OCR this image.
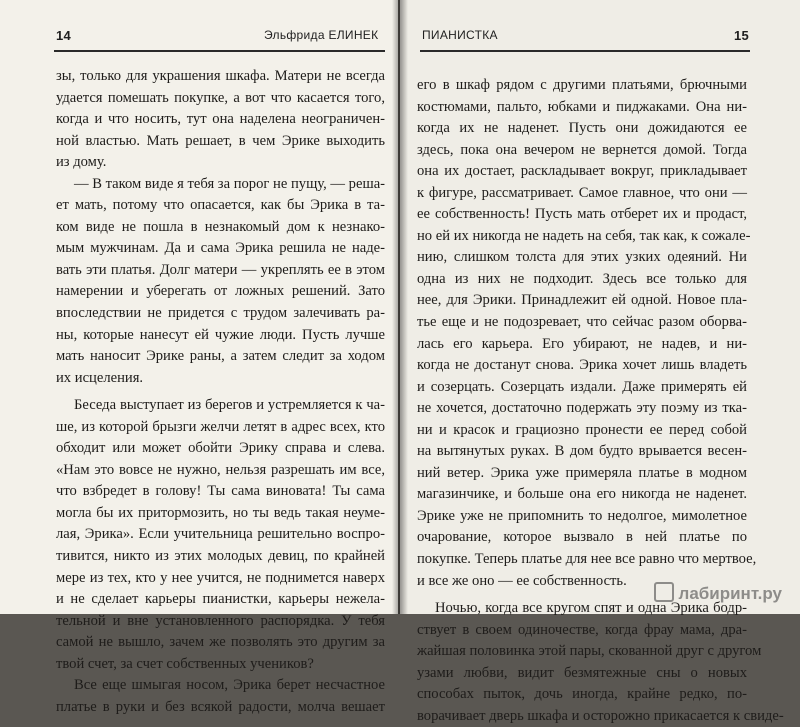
14	Эльфрида ЕЛИНЕК
зы, только для украшения шкафа. Матери не всегда
удается помешать покупке, а вот что касается того,
когда и что носить, тут она наделена неограничен-
ной властью. Мать решает, в чем Эрике выходить
из дому.
— В таком виде я тебя за порог не пущу, — реша-
ет мать, потому что опасается, как бы Эрика в та-
ком виде не пошла в незнакомый дом к незнако-
мым мужчинам. Да и сама Эрика решила не наде-
вать эти платья. Долг матери — укреплять ее в этом
намерении и уберегать от ложных решений. Зато
впоследствии не придется с трудом залечивать ра-
ны, которые нанесут ей чужие люди. Пусть лучше
мать наносит Эрике раны, а затем следит за ходом
их исцеления.
Беседа выступает из берегов и устремляется к ча-
ше, из которой брызги желчи летят в адрес всех, кто
обходит или может обойти Эрику справа и слева.
«Нам это вовсе не нужно, нельзя разрешать им все,
что взбредет в голову! Ты сама виновата! Ты сама
могла бы их притормозить, но ты ведь такая неуме-
лая, Эрика». Если учительница решительно воспро-
тивится, никто из этих молодых девиц, по крайней
мере из тех, кто у нее учится, не поднимется наверх
и не сделает карьеры пианистки, карьеры нежела-
тельной и вне установленного распорядка. У тебя
самой не вышло, зачем же позволять это другим за
твой счет, за счет собственных учеников?
Все еще шмыгая носом, Эрика берет несчастное
платье в руки и без всякой радости, молча вешает
ПИАНИСТКА	15
его в шкаф рядом с другими платьями, брючными
костюмами, пальто, юбками и пиджаками. Она ни-
когда их не наденет. Пусть они дожидаются ее
здесь, пока она вечером не вернется домой. Тогда
она их достает, раскладывает вокруг, прикладывает
к фигуре, рассматривает. Самое главное, что они —
ее собственность! Пусть мать отберет их и продаст,
но ей их никогда не надеть на себя, так как, к сожале-
нию, слишком толста для этих узких одеяний. Ни
одна из них не подходит. Здесь все только для
нее, для Эрики. Принадлежит ей одной. Новое пла-
тье еще и не подозревает, что сейчас разом оборва-
лась его карьера. Его убирают, не надев, и ни-
когда не достанут снова. Эрика хочет лишь владеть
и созерцать. Созерцать издали. Даже примерять ей
не хочется, достаточно подержать эту поэму из тка-
ни и красок и грациозно пронести ее перед собой
на вытянутых руках. В дом будто врывается весен-
ний ветер. Эрика уже примеряла платье в модном
магазинчике, и больше она его никогда не наденет.
Эрике уже не припомнить то недолгое, мимолетное
очарование, которое вызвало в ней платье по
покупке. Теперь платье для нее все равно что мертвое,
и все же оно — ее собственность.
Ночью, когда все кругом спят и одна Эрика бодр-
ствует в своем одиночестве, когда фрау мама, дра-
жайшая половинка этой пары, скованной друг с другом
узами любви, видит безмятежные сны о новых
способах пыток, дочь иногда, крайне редко, по-
ворачивает дверь шкафа и осторожно прикасается к свиде-
лабиринт.ру
